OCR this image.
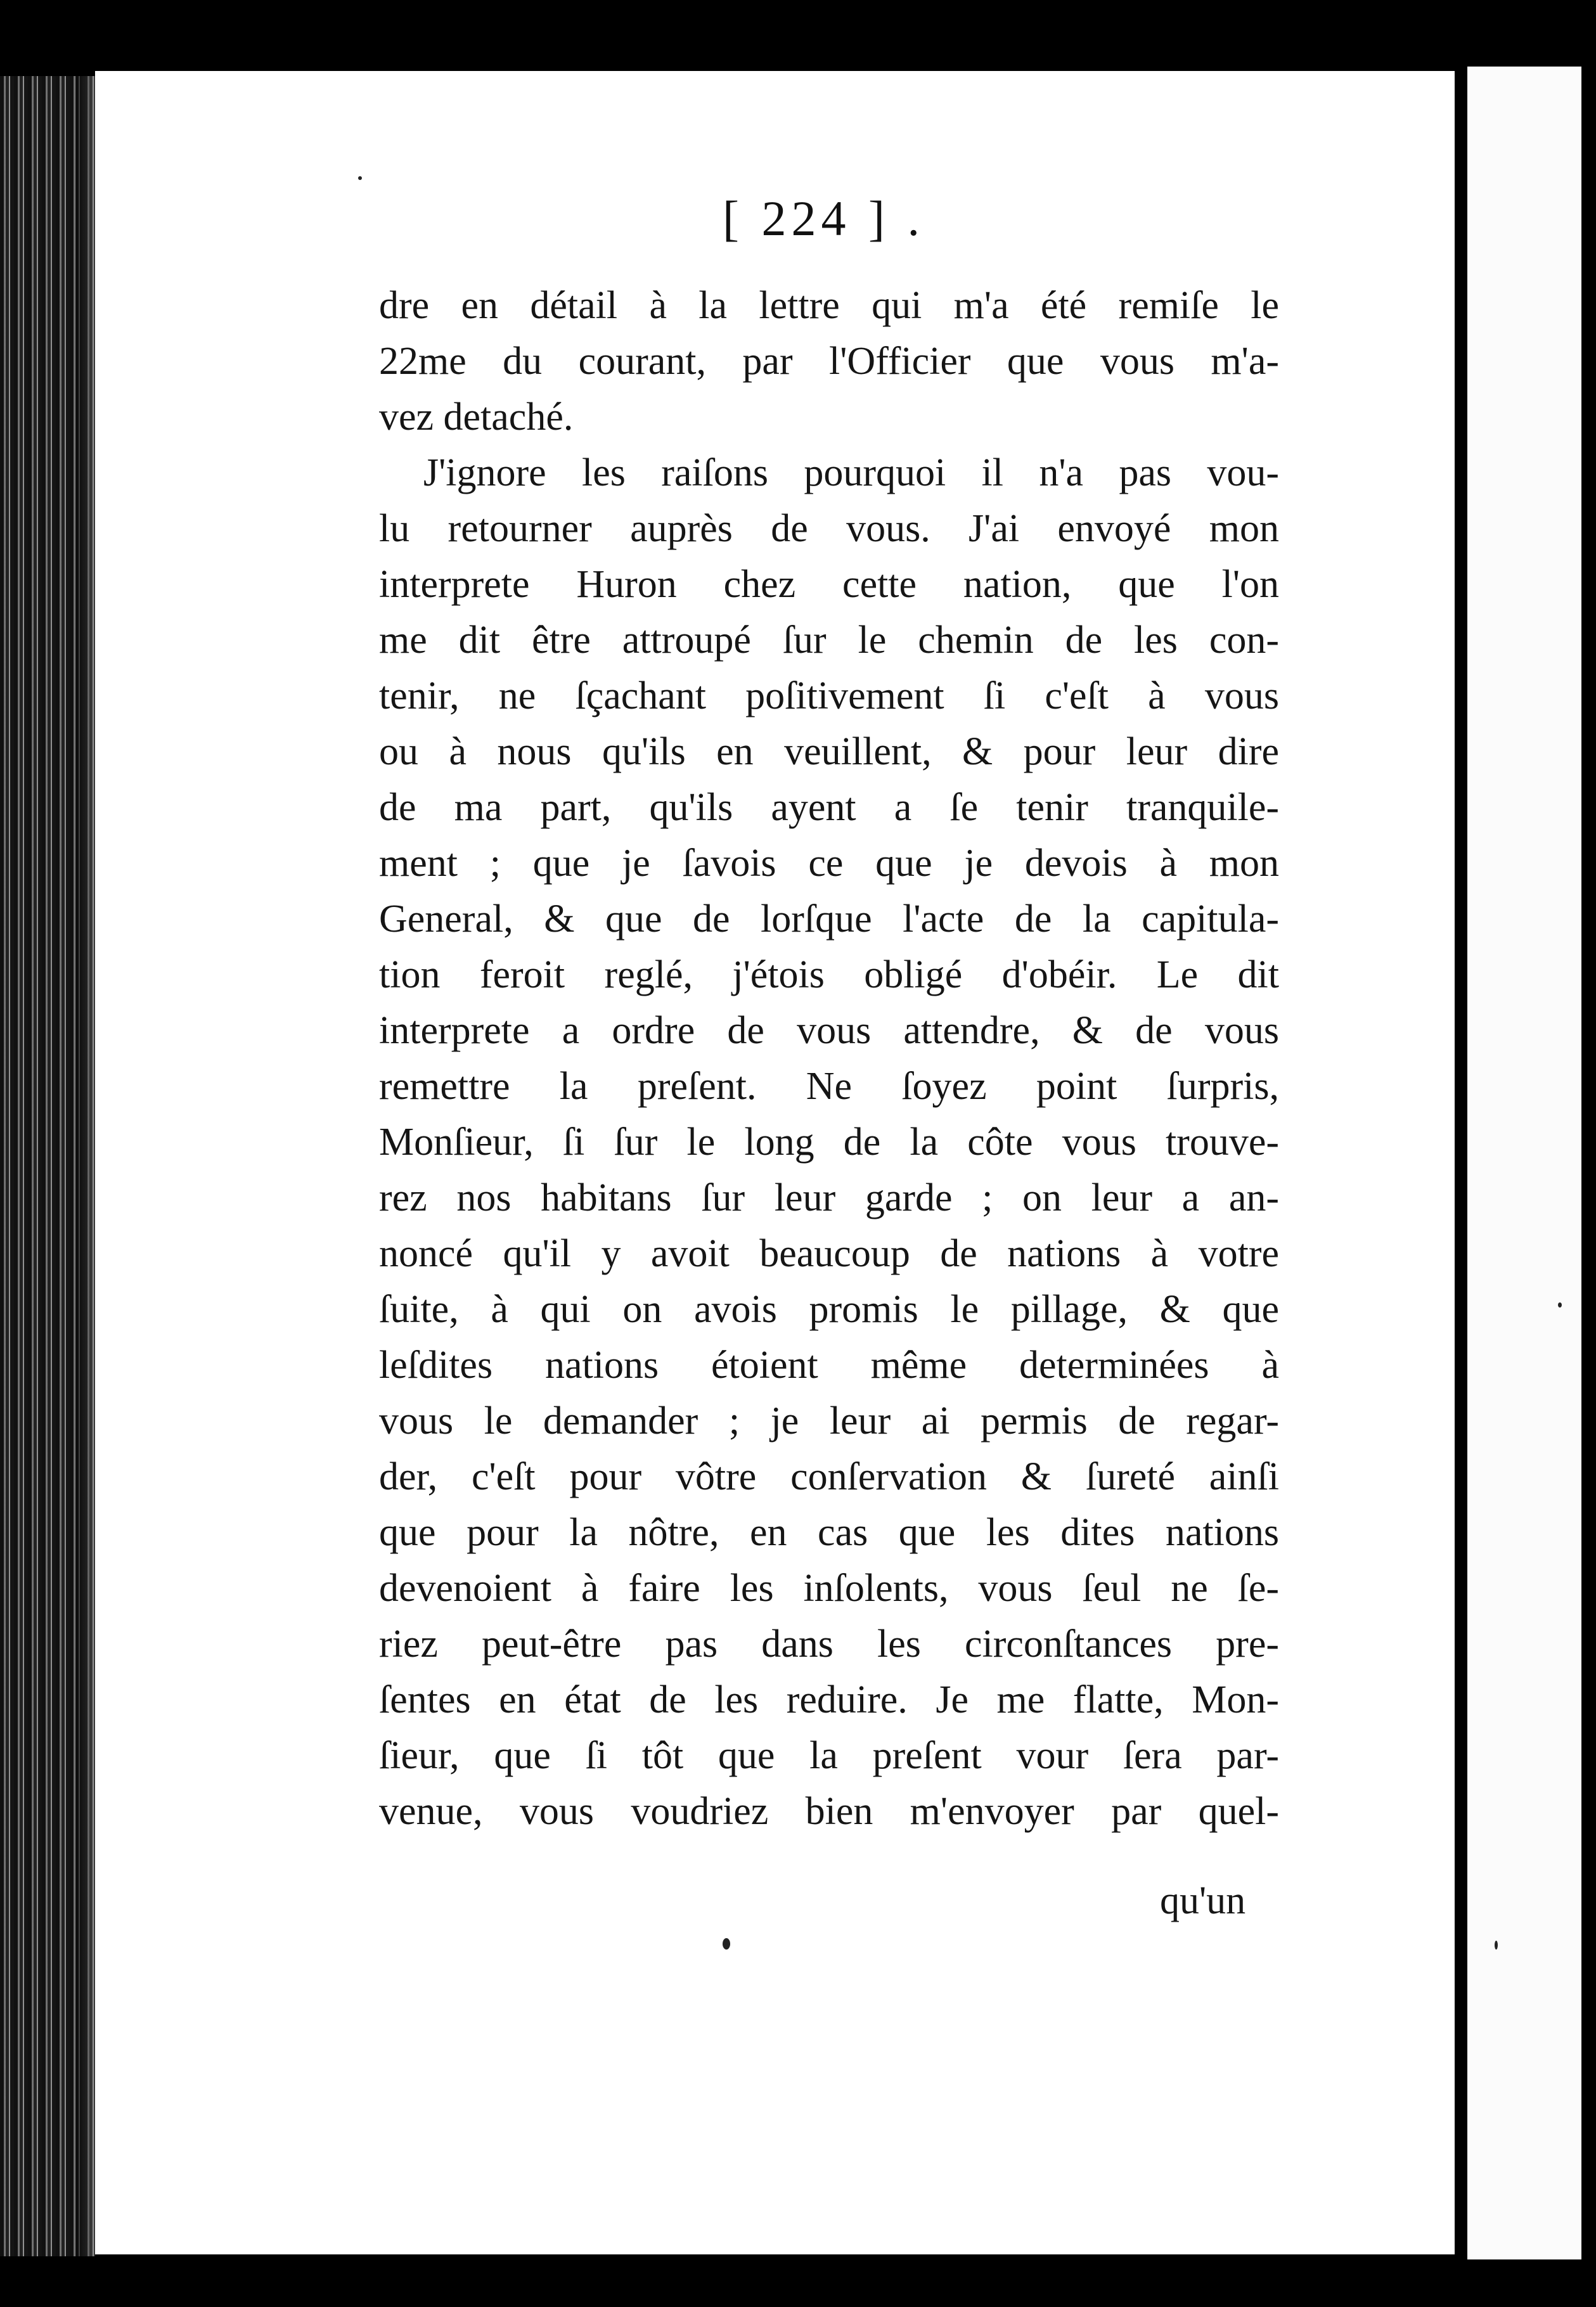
[ 224 ] .
dre en détail à la lettre qui m'a été remiſe le
22me du courant, par l'Officier que vous m'a-
vez detaché.
J'ignore les raiſons pourquoi il n'a pas vou-
lu retourner auprès de vous. J'ai envoyé mon
interprete Huron chez cette nation, que l'on
me dit être attroupé ſur le chemin de les con-
tenir, ne ſçachant poſitivement ſi c'eſt à vous
ou à nous qu'ils en veuillent, & pour leur dire
de ma part, qu'ils ayent a ſe tenir tranquile-
ment ; que je ſavois ce que je devois à mon
General, & que de lorſque l'acte de la capitula-
tion feroit reglé, j'étois obligé d'obéir. Le dit
interprete a ordre de vous attendre, & de vous
remettre la preſent. Ne ſoyez point ſurpris,
Monſieur, ſi ſur le long de la côte vous trouve-
rez nos habitans ſur leur garde ; on leur a an-
noncé qu'il y avoit beaucoup de nations à votre
ſuite, à qui on avois promis le pillage, & que
leſdites nations étoient même determinées à
vous le demander ; je leur ai permis de regar-
der, c'eſt pour vôtre conſervation & ſureté ainſi
que pour la nôtre, en cas que les dites nations
devenoient à faire les inſolents, vous ſeul ne ſe-
riez peut-être pas dans les circonſtances pre-
ſentes en état de les reduire. Je me flatte, Mon-
ſieur, que ſi tôt que la preſent vour ſera par-
venue, vous voudriez bien m'envoyer par quel-
qu'un
